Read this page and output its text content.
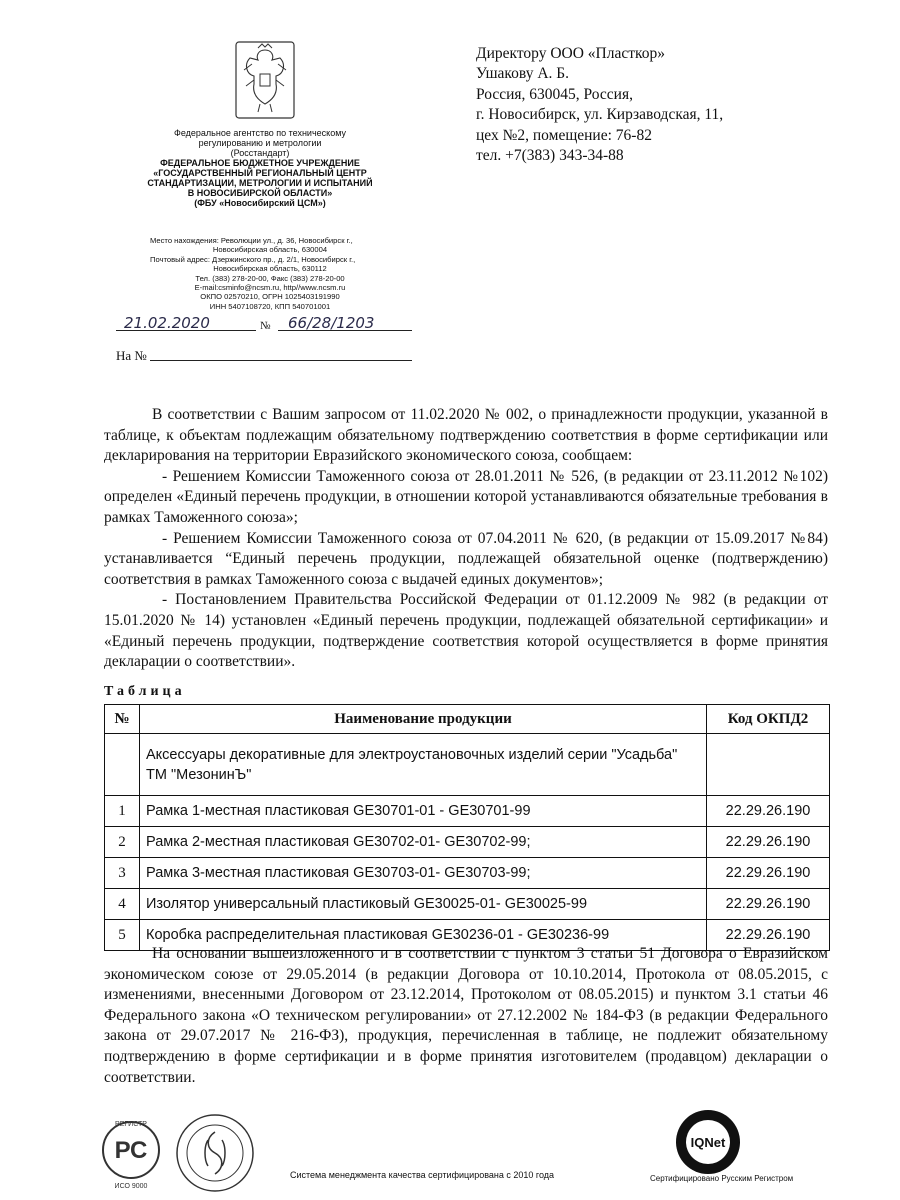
Федеральное агентство по техническому
регулированию и метрологии
(Росстандарт)
ФЕДЕРАЛЬНОЕ БЮДЖЕТНОЕ УЧРЕЖДЕНИЕ
«ГОСУДАРСТВЕННЫЙ РЕГИОНАЛЬНЫЙ ЦЕНТР
СТАНДАРТИЗАЦИИ, МЕТРОЛОГИИ И ИСПЫТАНИЙ
В НОВОСИБИРСКОЙ ОБЛАСТИ»
(ФБУ «Новосибирский ЦСМ»)
Место нахождения: Революции ул., д. 36, Новосибирск г.,
Новосибирская область, 630004
Почтовый адрес: Дзержинского пр., д. 2/1, Новосибирск г.,
Новосибирская область, 630112
Тел. (383) 278-20-00, Факс (383) 278-20-00
E-mail:csminfo@ncsm.ru, http//www.ncsm.ru
ОКПО 02570210, ОГРН 1025403191990
ИНН 5407108720, КПП 540701001
21.02.2020	№ 66/28/1203
На №
Директору ООО «Пласткор»
Ушакову А. Б.
Россия, 630045, Россия,
г. Новосибирск, ул. Кирзаводская, 11,
цех №2, помещение: 76-82
тел. +7(383) 343-34-88

В соответствии с Вашим запросом от 11.02.2020 № 002, о принадлежности продукции, указанной в таблице, к объектам подлежащим обязательному подтверждению соответствия в форме сертификации или декларирования на территории Евразийского экономического союза, сообщаем:

- Решением Комиссии Таможенного союза от 28.01.2011 № 526, (в редакции от 23.11.2012 №102) определен «Единый перечень продукции, в отношении которой устанавливаются обязательные требования в рамках Таможенного союза»;

- Решением Комиссии Таможенного союза от 07.04.2011 № 620, (в редакции от 15.09.2017 №84) устанавливается “Единый перечень продукции, подлежащей обязательной оценке (подтверждению) соответствия в рамках Таможенного союза с выдачей единых документов»;

- Постановлением Правительства Российской Федерации от 01.12.2009 № 982 (в редакции от 15.01.2020 № 14) установлен «Единый перечень продукции, подлежащей обязательной сертификации» и «Единый перечень продукции, подтверждение соответствия которой осуществляется в форме принятия декларации о соответствии».

Таблица
№	Наименование продукции	Код ОКПД2
	Аксессуары декоративные для электроустановочных изделий серии "Усадьба" ТМ "МезонинЪ"	
1	Рамка 1-местная пластиковая GE30701-01 - GE30701-99	22.29.26.190
2	Рамка 2-местная пластиковая GE30702-01- GE30702-99;	22.29.26.190
3	Рамка 3-местная пластиковая GE30703-01- GE30703-99;	22.29.26.190
4	Изолятор универсальный пластиковый GE30025-01- GE30025-99	22.29.26.190
5	Коробка распределительная пластиковая GE30236-01 - GE30236-99	22.29.26.190

На основании вышеизложенного и в соответствии с пунктом 3 статьи 51 Договора о Евразийском экономическом союзе от 29.05.2014 (в редакции Договора от 10.10.2014, Протокола от 08.05.2015, с изменениями, внесенными Договором от 23.12.2014, Протоколом от 08.05.2015) и пунктом 3.1 статьи 46 Федерального закона «О техническом регулировании» от 27.12.2002 № 184-ФЗ (в редакции Федерального закона от 29.07.2017 № 216-ФЗ), продукция, перечисленная в таблице, не подлежит обязательному подтверждению в форме сертификации и в форме принятия изготовителем (продавцом) декларации о соответствии.

РЕГИСТР
РС
ИСО 9000
IQNet
Система менеджмента качества сертифицирована с 2010 года	Сертифицировано Русским Регистром
